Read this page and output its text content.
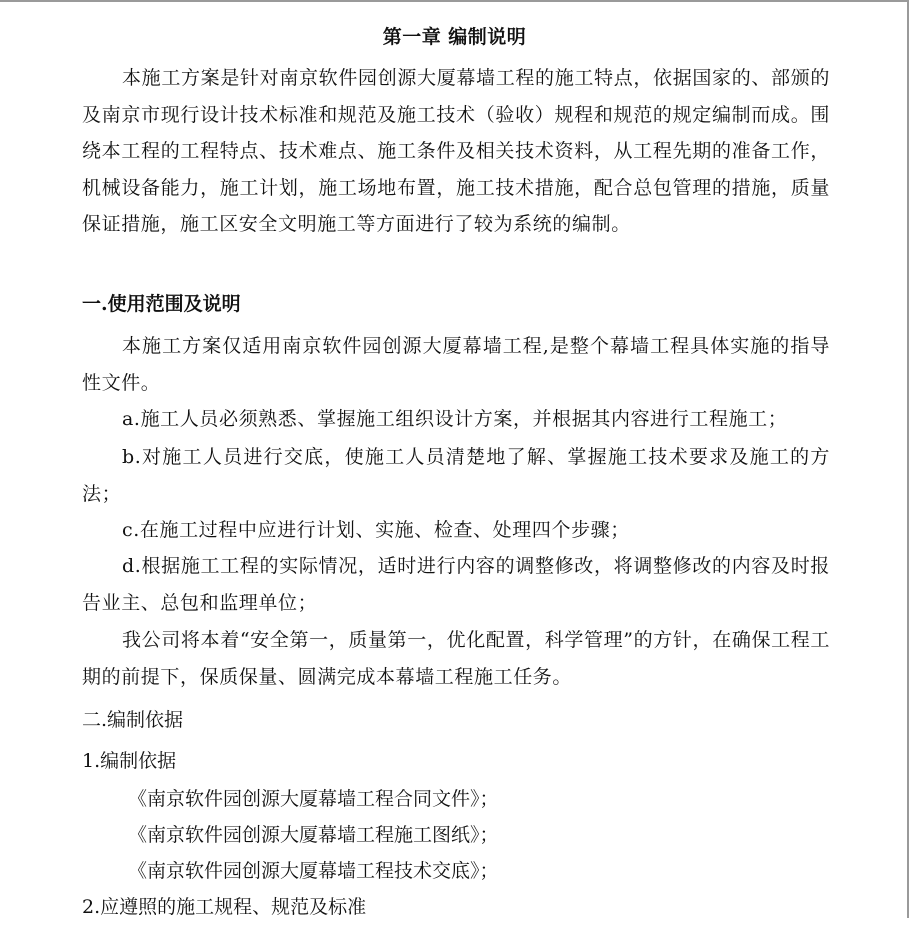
第一章 编制说明

本施工方案是针对南京软件园创源大厦幕墙工程的施工特点，依据国家的、部颁的及南京市现行设计技术标准和规范及施工技术（验收）规程和规范的规定编制而成。围绕本工程的工程特点、技术难点、施工条件及相关技术资料，从工程先期的准备工作，机械设备能力，施工计划，施工场地布置，施工技术措施，配合总包管理的措施，质量保证措施，施工区安全文明施工等方面进行了较为系统的编制。

一.使用范围及说明

本施工方案仅适用南京软件园创源大厦幕墙工程,是整个幕墙工程具体实施的指导性文件。

a.施工人员必须熟悉、掌握施工组织设计方案，并根据其内容进行工程施工；

b.对施工人员进行交底，使施工人员清楚地了解、掌握施工技术要求及施工的方法；

c.在施工过程中应进行计划、实施、检查、处理四个步骤；

d.根据施工工程的实际情况，适时进行内容的调整修改，将调整修改的内容及时报告业主、总包和监理单位；

我公司将本着“安全第一，质量第一，优化配置，科学管理”的方针，在确保工程工期的前提下，保质保量、圆满完成本幕墙工程施工任务。

二.编制依据

1.编制依据

《南京软件园创源大厦幕墙工程合同文件》；

《南京软件园创源大厦幕墙工程施工图纸》；

《南京软件园创源大厦幕墙工程技术交底》；

2.应遵照的施工规程、规范及标准
